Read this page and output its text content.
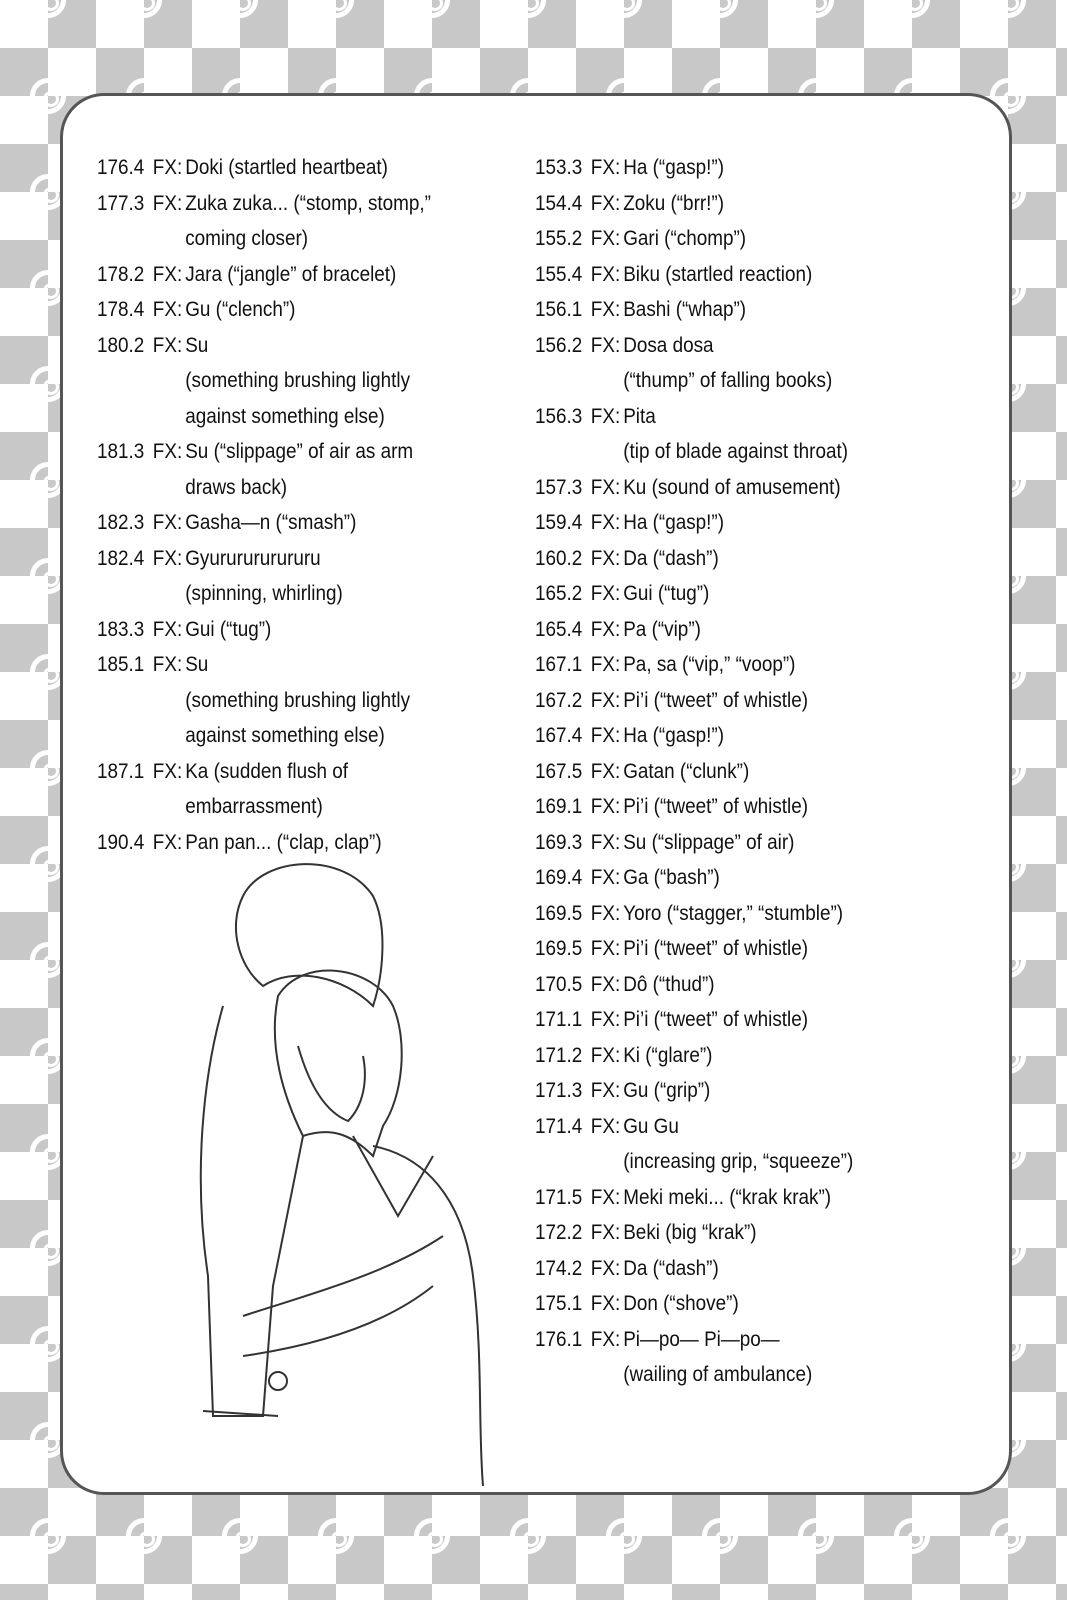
176.4 FX: Doki (startled heartbeat)
177.3 FX: Zuka zuka... (“stomp, stomp,”
coming closer)
178.2 FX: Jara (“jangle” of bracelet)
178.4 FX: Gu (“clench”)
180.2 FX: Su
(something brushing lightly
against something else)
181.3 FX: Su (“slippage” of air as arm
draws back)
182.3 FX: Gasha—n (“smash”)
182.4 FX: Gyururururururu
(spinning, whirling)
183.3 FX: Gui (“tug”)
185.1 FX: Su
(something brushing lightly
against something else)
187.1 FX: Ka (sudden flush of
embarrassment)
190.4 FX: Pan pan... (“clap, clap”)
153.3 FX: Ha (“gasp!”)
154.4 FX: Zoku (“brr!”)
155.2 FX: Gari (“chomp”)
155.4 FX: Biku (startled reaction)
156.1 FX: Bashi (“whap”)
156.2 FX: Dosa dosa
(“thump” of falling books)
156.3 FX: Pita
(tip of blade against throat)
157.3 FX: Ku (sound of amusement)
159.4 FX: Ha (“gasp!”)
160.2 FX: Da (“dash”)
165.2 FX: Gui (“tug”)
165.4 FX: Pa (“vip”)
167.1 FX: Pa, sa (“vip,” “voop”)
167.2 FX: Pi’i (“tweet” of whistle)
167.4 FX: Ha (“gasp!”)
167.5 FX: Gatan (“clunk”)
169.1 FX: Pi’i (“tweet” of whistle)
169.3 FX: Su (“slippage” of air)
169.4 FX: Ga (“bash”)
169.5 FX: Yoro (“stagger,” “stumble”)
169.5 FX: Pi’i (“tweet” of whistle)
170.5 FX: Dô (“thud”)
171.1 FX: Pi’i (“tweet” of whistle)
171.2 FX: Ki (“glare”)
171.3 FX: Gu (“grip”)
171.4 FX: Gu Gu
(increasing grip, “squeeze”)
171.5 FX: Meki meki... (“krak krak”)
172.2 FX: Beki (big “krak”)
174.2 FX: Da (“dash”)
175.1 FX: Don (“shove”)
176.1 FX: Pi—po— Pi—po—
(wailing of ambulance)
